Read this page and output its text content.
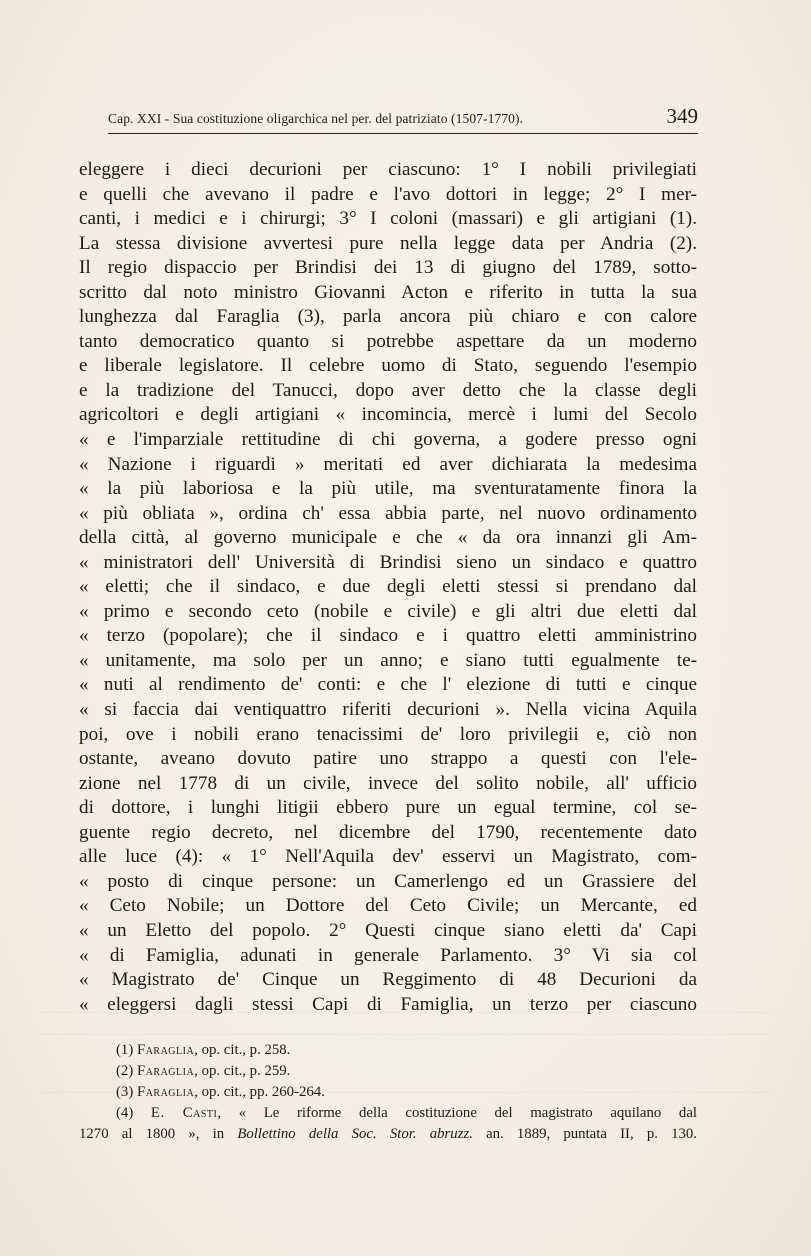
Cap. XXI - Sua costituzione oligarchica nel per. del patriziato (1507-1770).	349
eleggere i dieci decurioni per ciascuno: 1° I nobili privilegiati
e quelli che avevano il padre e l'avo dottori in legge; 2° I mer-
canti, i medici e i chirurgi; 3° I coloni (massari) e gli artigiani (1).
La stessa divisione avvertesi pure nella legge data per Andria (2).
Il regio dispaccio per Brindisi dei 13 di giugno del 1789, sotto-
scritto dal noto ministro Giovanni Acton e riferito in tutta la sua
lunghezza dal Faraglia (3), parla ancora più chiaro e con calore
tanto democratico quanto si potrebbe aspettare da un moderno
e liberale legislatore. Il celebre uomo di Stato, seguendo l'esempio
e la tradizione del Tanucci, dopo aver detto che la classe degli
agricoltori e degli artigiani « incomincia, mercè i lumi del Secolo
« e l'imparziale rettitudine di chi governa, a godere presso ogni
« Nazione i riguardi » meritati ed aver dichiarata la medesima
« la più laboriosa e la più utile, ma sventuratamente finora la
« più obliata », ordina ch' essa abbia parte, nel nuovo ordinamento
della città, al governo municipale e che « da ora innanzi gli Am-
« ministratori dell' Università di Brindisi sieno un sindaco e quattro
« eletti; che il sindaco, e due degli eletti stessi si prendano dal
« primo e secondo ceto (nobile e civile) e gli altri due eletti dal
« terzo (popolare); che il sindaco e i quattro eletti amministrino
« unitamente, ma solo per un anno; e siano tutti egualmente te-
« nuti al rendimento de' conti: e che l' elezione di tutti e cinque
« si faccia dai ventiquattro riferiti decurioni ». Nella vicina Aquila
poi, ove i nobili erano tenacissimi de' loro privilegii e, ciò non
ostante, aveano dovuto patire uno strappo a questi con l'ele-
zione nel 1778 di un civile, invece del solito nobile, all' ufficio
di dottore, i lunghi litigii ebbero pure un egual termine, col se-
guente regio decreto, nel dicembre del 1790, recentemente dato
alle luce (4): « 1° Nell'Aquila dev' esservi un Magistrato, com-
« posto di cinque persone: un Camerlengo ed un Grassiere del
« Ceto Nobile; un Dottore del Ceto Civile; un Mercante, ed
« un Eletto del popolo. 2° Questi cinque siano eletti da' Capi
« di Famiglia, adunati in generale Parlamento. 3° Vi sia col
« Magistrato de' Cinque un Reggimento di 48 Decurioni da
« eleggersi dagli stessi Capi di Famiglia, un terzo per ciascuno
(1) Faraglia, op. cit., p. 258.
(2) Faraglia, op. cit., p. 259.
(3) Faraglia, op. cit., pp. 260-264.
(4) E. Casti, « Le riforme della costituzione del magistrato aquilano dal
1270 al 1800 », in Bollettino della Soc. Stor. abruzz. an. 1889, puntata II, p. 130.
